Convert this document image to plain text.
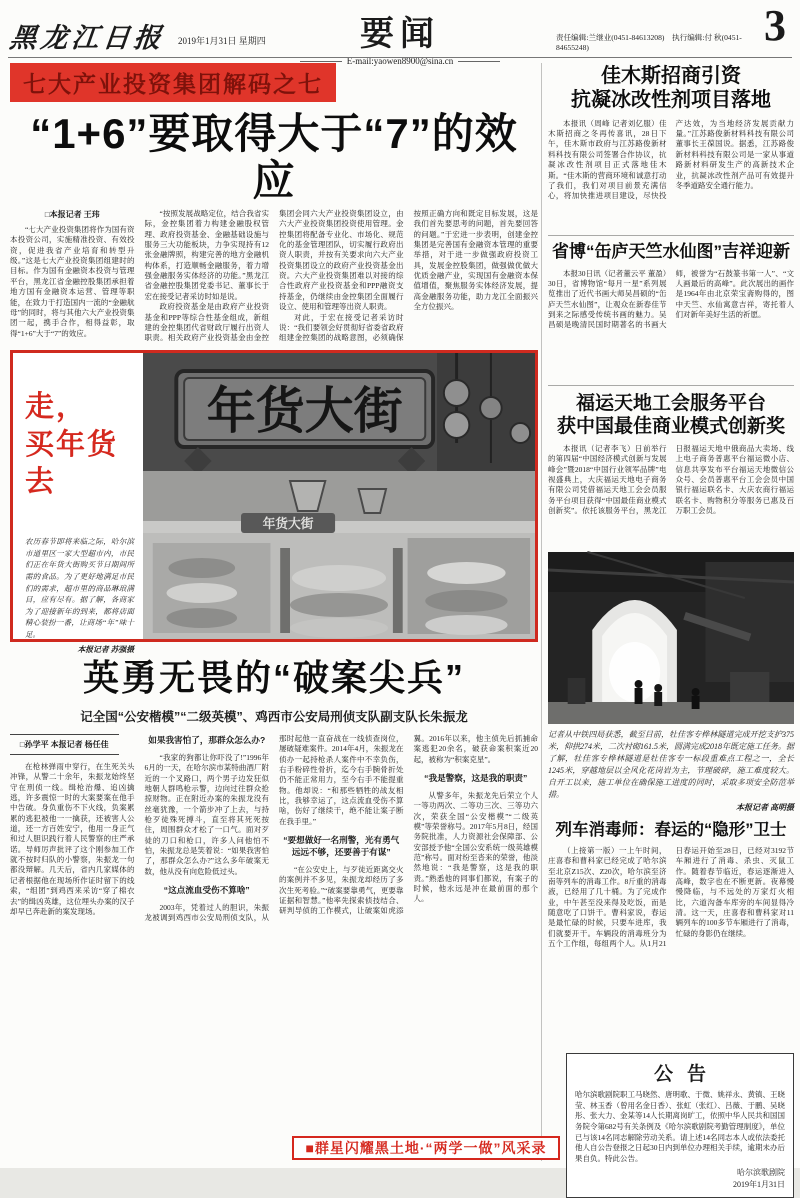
黑龙江日报 2019年1月31日 星期四	要闻
E-mail:yaowen8900@sina.cn
责任编辑:兰继业(0451-84613208)　执行编辑:付 秋(0451-84655248)	3
七大产业投资集团解码之七
“1+6”要取得大于“7”的效应

□本报记者 王玮

“七大产业投资集团将作为国有资本投资公司，实施精准投资、有效投资，促进我省产业培育和转型升级。”这是七大产业投资集团组建时的目标。作为国有金融资本投资与管理平台，黑龙江省金融控股集团承担着地方国有金融资本运营、管理等职能，在致力于打造国内一流的“金融航母”的同时，将与其他六大产业投资集团一起，携手合作，相得益彰，取得“1+6”大于“7”的效应。

“按照发展战略定位，结合我省实际，金控集团着力构建金融股权管理、政府投资基金、金融基础设施与服务三大功能板块，力争实现持有12张金融牌照，构建完善的地方金融机构体系，打造顺畅金融服务，着力增强金融服务实体经济的功能。”黑龙江省金融控股集团党委书记、董事长于宏在接受记者采访时如是说。

政府投资基金是由政府产业投资基金和PPP等综合性基金组成，新组建的金控集团代省财政厅履行出资人职责。相关政府产业投资基金由金控集团会同六大产业投资集团设立，由六大产业投资集团投资使用管理。金控集团将配备专业化、市场化、规范化的基金管理团队，切实履行政府出资人职责，并按有关要求向六大产业投资集团设立的政府产业投资基金出资。六大产业投资集团难以对接的综合性政府产业投资基金和PPP融资支持基金，仍继续由金控集团全面履行设立、使用和管理等出资人职责。

对此，于宏在接受记者采访时说：“我们要领会好贯彻好省委省政府组建金控集团的战略意图，必须确保按照正确方向和既定目标发展，这是我们首先要思考的问题，首先要回答的问题。”于宏进一步表明，创建金控集团是完善国有金融资本管理的重要举措，对于进一步做强政府投资工具，发展金控股集团，做强做优做大优质金融产业，实现国有金融资本保值增值，聚焦服务实体经济发展，提高金融服务功能，助力龙江全面振兴全方位振兴。

走，
买年货去

农历春节即将来临之际，哈尔滨市道里区一家大型超市内，市民们正在年货大街购买节日期间所需的食品。为了更好地满足市民们的需求，超市里的商品琳琅满目，应有尽有。据了解，各商家为了迎接新年的到来，都将店面精心装扮一番，让商场“年”味十足。

本报记者 苏强摄

年货大街
年货大街
英勇无畏的“破案尖兵”
记全国“公安楷模”“二级英模”、鸡西市公安局刑侦支队副支队长朱振龙
□孙学平 本报记者 杨任佳

在枪林弹雨中穿行，在生死关头冲锋，从警二十余年，朱振龙始终坚守在刑侦一线。缉枪治爆、追凶擒逃，许多震惊一时的大案要案在他手中告破。身负重伤不下火线，负案累累的逃犯被他一一擒获，还被害人公道，还一方百姓安宁，他用一身正气和过人胆识践行着人民警察的庄严承诺。导师厉声批评了这个刚参加工作就不按时归队的小警察，朱振龙一句都没辩解。几天后，省内几家媒体的记者根据他在现场所作证时留下的线索，“组团”到鸡西来采访“穿了棉衣去”的缉凶英雄，这位埋头办案的汉子却早已奔赴新的案发现场。

如果我害怕了，那群众怎么办?

“我家的狗都让你吓没了!”1996年6月的一天，在哈尔滨市某特曲酒厂附近的一个叉路口，两个男子边发狂似地朝人群鸣枪示警，边向过往群众抢掠财物。正在附近办案的朱振龙没有丝毫犹豫，一个箭步冲了上去，与持枪歹徒殊死搏斗，直至将其死死按住，周围群众才松了一口气。面对歹徒的刀口和枪口，许多人问他怕不怕，朱振龙总是笑着说：“如果我害怕了，那群众怎么办?”这么多年破案无数，他从没有向危险低过头。

“这点流血受伤不算啥”

2003年，凭着过人的胆识，朱振龙被调到鸡西市公安局刑侦支队，从那时起他一直奋战在一线侦查岗位，屡破疑难案件。2014年4月，朱振龙在侦办一起持枪杀人案件中不幸负伤，右手粉碎性骨折，迄今右手腕骨折处仍不能正常用力，至今右手不能提重物。他却说：“和那些牺牲的战友相比，我够幸运了，这点流血受伤不算啥，伤好了继续干，绝不能让案子断在我手里。”

“要想做好一名刑警，光有勇气远远不够，还要善于有谋”

“在公安史上，与歹徒近距离交火的案例并不多见，朱振龙却经历了多次生死考验。”“破案要靠勇气，更要靠证据和智慧。”他率先探索侦技结合、研判导侦的工作模式，让破案如虎添翼。2016年以来，他主侦先后抓捕命案逃犯20余名，破获命案积案近20起，被称为“积案克星”。

“我是警察，这是我的职责”

从警多年，朱振龙先后荣立个人一等功两次、二等功三次、三等功六次，荣获全国“公安楷模”“二级英模”等荣誉称号。2017年5月8日，经国务院批准，人力资源社会保障部、公安部授予他“全国公安系统一级英雄模范”称号。面对纷至沓来的荣誉，他淡然地说：“我是警察，这是我的职责。”熟悉他的同事们都说，有案子的时候，他永远是冲在最前面的那个人。

■群星闪耀黑土地·“两学一做”风采录
佳木斯招商引资
抗凝冰改性剂项目落地

本报讯（周峰 记者刘亿服）佳木斯招商之冬再传喜讯，28日下午，佳木斯市政府与江苏路俊新材料科技有限公司签署合作协议，抗凝冰改性剂项目正式落地佳木斯。“佳木斯的营商环境和诚意打动了我们，我们对项目前景充满信心，将加快推进项目建设，尽快投产达效，为当地经济发展贡献力量。”江苏路俊新材料科技有限公司董事长王葆国说。据悉，江苏路俊新材料科技有限公司是一家从事道路新材料研发生产的高新技术企业，抗凝冰改性剂产品可有效提升冬季道路安全通行能力。

省博“缶庐天竺水仙图”吉祥迎新

本报30日讯（记者董云平 董盈）30日，省博物馆“每月一星”系列展览推出了近代书画大师吴昌硕的“缶庐天竺水仙图”，让观众在新春佳节到来之际感受传统书画的魅力。吴昌硕是晚清民国时期著名的书画大师，被誉为“石鼓篆书第一人”、“文人画最后的高峰”。此次展出的画作是1964年由北京荣宝斋购得的，图中天竺、水仙寓意吉祥，寄托着人们对新年美好生活的祈愿。

福运天地工会服务平台
获中国最佳商业模式创新奖

本报讯（记者李飞）日前举行的第四届“中国经济模式创新与发展峰会”暨2018“中国行业领军品牌”电视盛典上，大庆福运天地电子商务有限公司凭借福运天地工会会员服务平台项目获得“中国最佳商业模式创新奖”。依托该服务平台，黑龙江日报福运天地中俄商品大卖场、线上电子商务普惠平台福运微小店、信息共享发布平台福运天地微信公众号、会员普惠平台工会会员中国银行福运联名卡、大庆农商行福运联名卡、购物积分等服务已惠及百万职工会员。

记者从中铁四局获悉，截至目前，牡佳客专桦林隧道完成开挖支护375米，仰拱274米，二次衬砌161.5米，圆满完成2018年既定施工任务。据了解，牡佳客专桦林隧道是牡佳客专一标段重难点工程之一，全长1245米，穿越地层以全风化花岗岩为主，节理破碎，施工难度较大。自开工以来，施工单位在确保施工进度的同时，采取多项安全防范举措。

本报记者 高明摄

列车消毒师：春运的“隐形”卫士

（上接第一版）一上午时间，庄喜春和曹科家已经完成了哈尔滨至北京Z15次、Z20次，哈尔滨至济南等列车的消毒工作。8斤重的消毒液，已经用了几十桶。为了完成作业，中午甚至没来得及吃饭，而是随意吃了口饼干。曹科家说，春运是最忙碌的时候，只要车进库，我们就要开干。车辆段的消毒班分为五个工作组，每组两个人。从1月21日春运开始至28日，已经对3192节车厢进行了消毒、杀虫、灭鼠工作。随着春节临近，春运逐渐进入高峰，数字也在不断更新。夜幕慢慢降临，与不远处的万家灯火相比，六道沟备车库旁的车间显得冷清。这一天，庄喜春和曹科家对11辆列车的100多节车厢进行了消毒，忙碌的身影仍在继续。

公告

哈尔滨歌剧院职工马晓然、唐明歌、于微、姚祥永、黄镇、王晓莹、林玉香（曾用名金日香）、张虹（张红）、吕薇、于鹏、吴晓彤、张大力、金某等14人长期离岗旷工，依照中华人民共和国国务院令第682号有关条例及《哈尔滨歌剧院考勤管理制度》，单位已与该14名同志解除劳动关系。请上述14名同志本人或依法委托他人自公告登报之日起30日内到单位办理相关手续，逾期未办后果自负。特此公告。

哈尔滨歌剧院
2019年1月31日
